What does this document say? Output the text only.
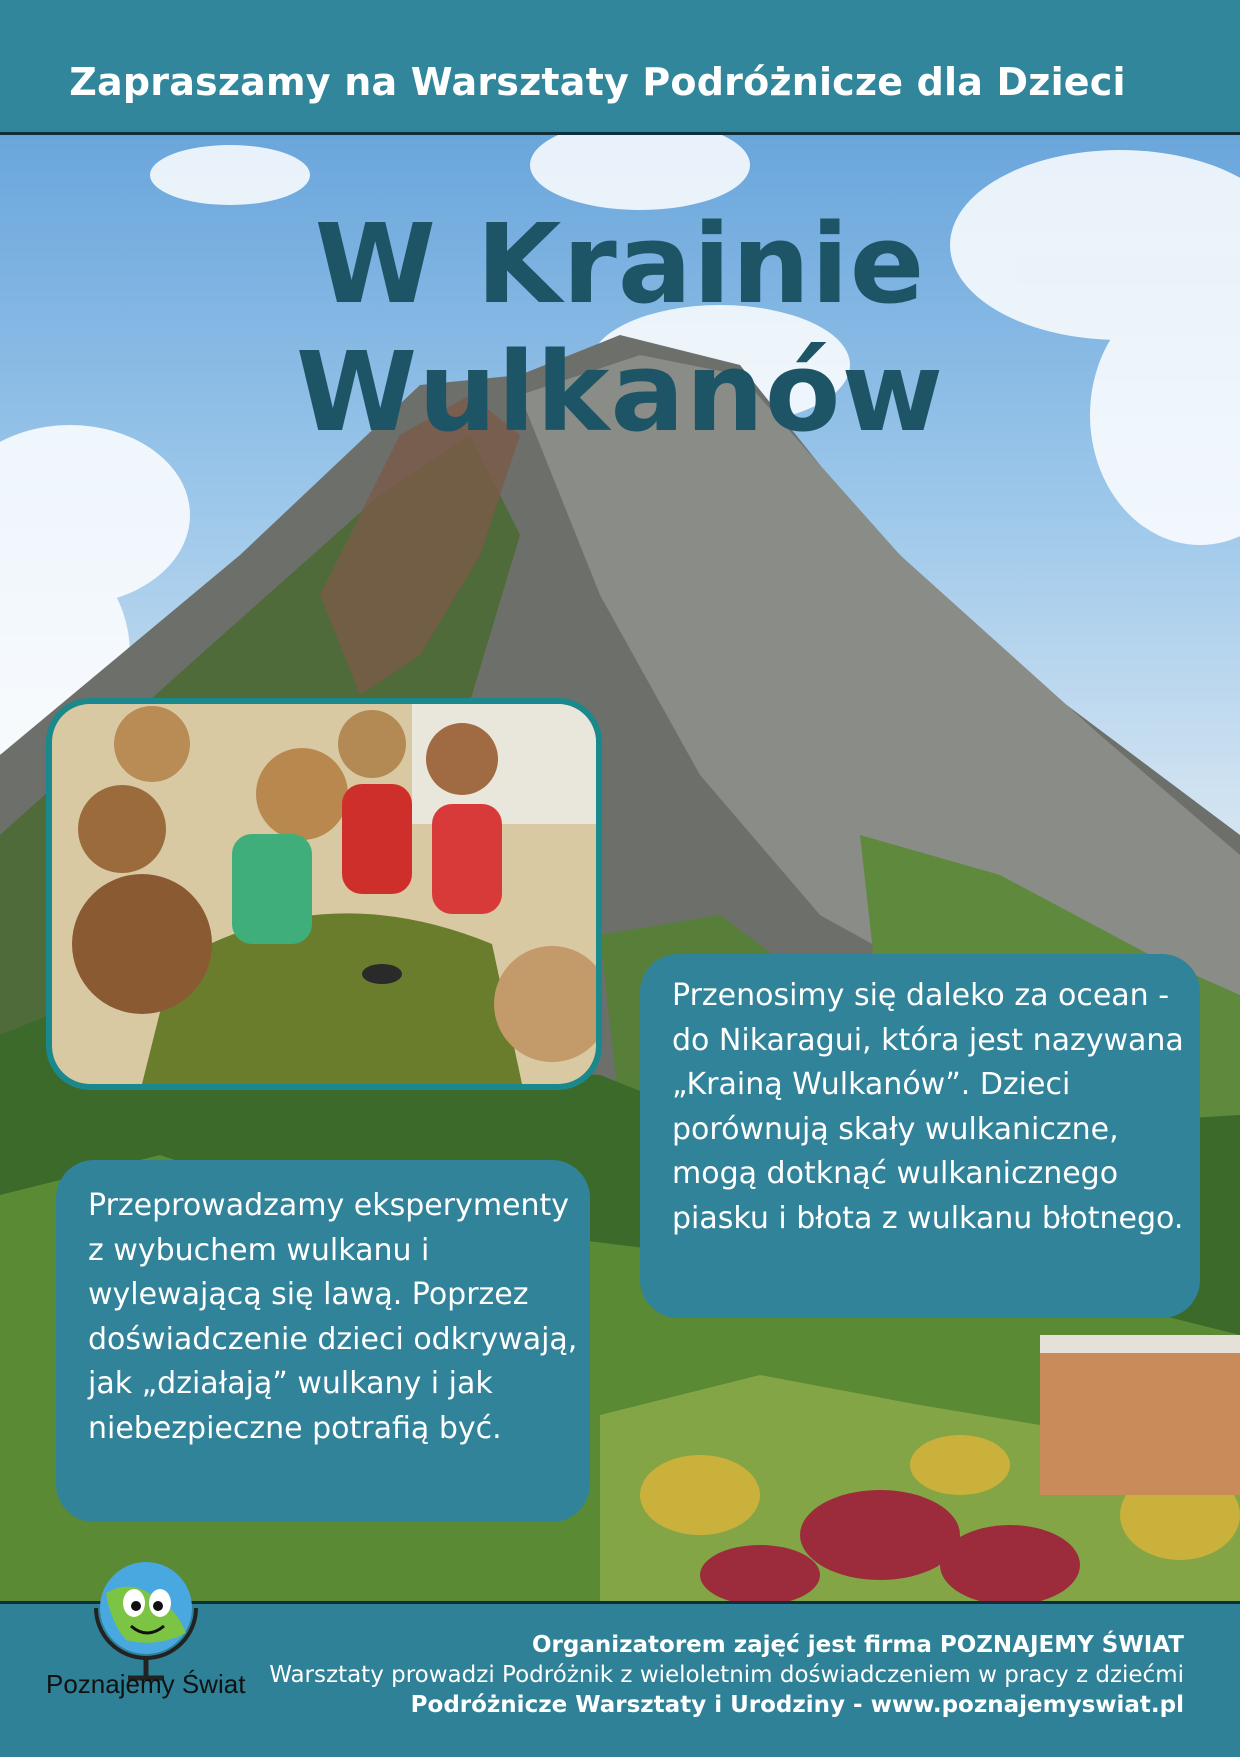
Zapraszamy na Warsztaty Podróżnicze dla Dzieci
W Krainie Wulkanów

Przenosimy się daleko za ocean - do Nikaragui, która jest nazywana „Krainą Wulkanów”. Dzieci porównują skały wulkaniczne, mogą dotknąć wulkanicznego piasku i błota z wulkanu błotnego.

Przeprowadzamy eksperymenty z wybuchem wulkanu i wylewającą się lawą. Poprzez doświadczenie dzieci odkrywają, jak „działają” wulkany i jak niebezpieczne potrafią być.

Organizatorem zajęć jest firma POZNAJEMY ŚWIAT
Warsztaty prowadzi Podróżnik z wieloletnim doświadczeniem w pracy z dziećmi
Podróżnicze Warsztaty i Urodziny - www.poznajemyswiat.pl
Poznajemy Świat
